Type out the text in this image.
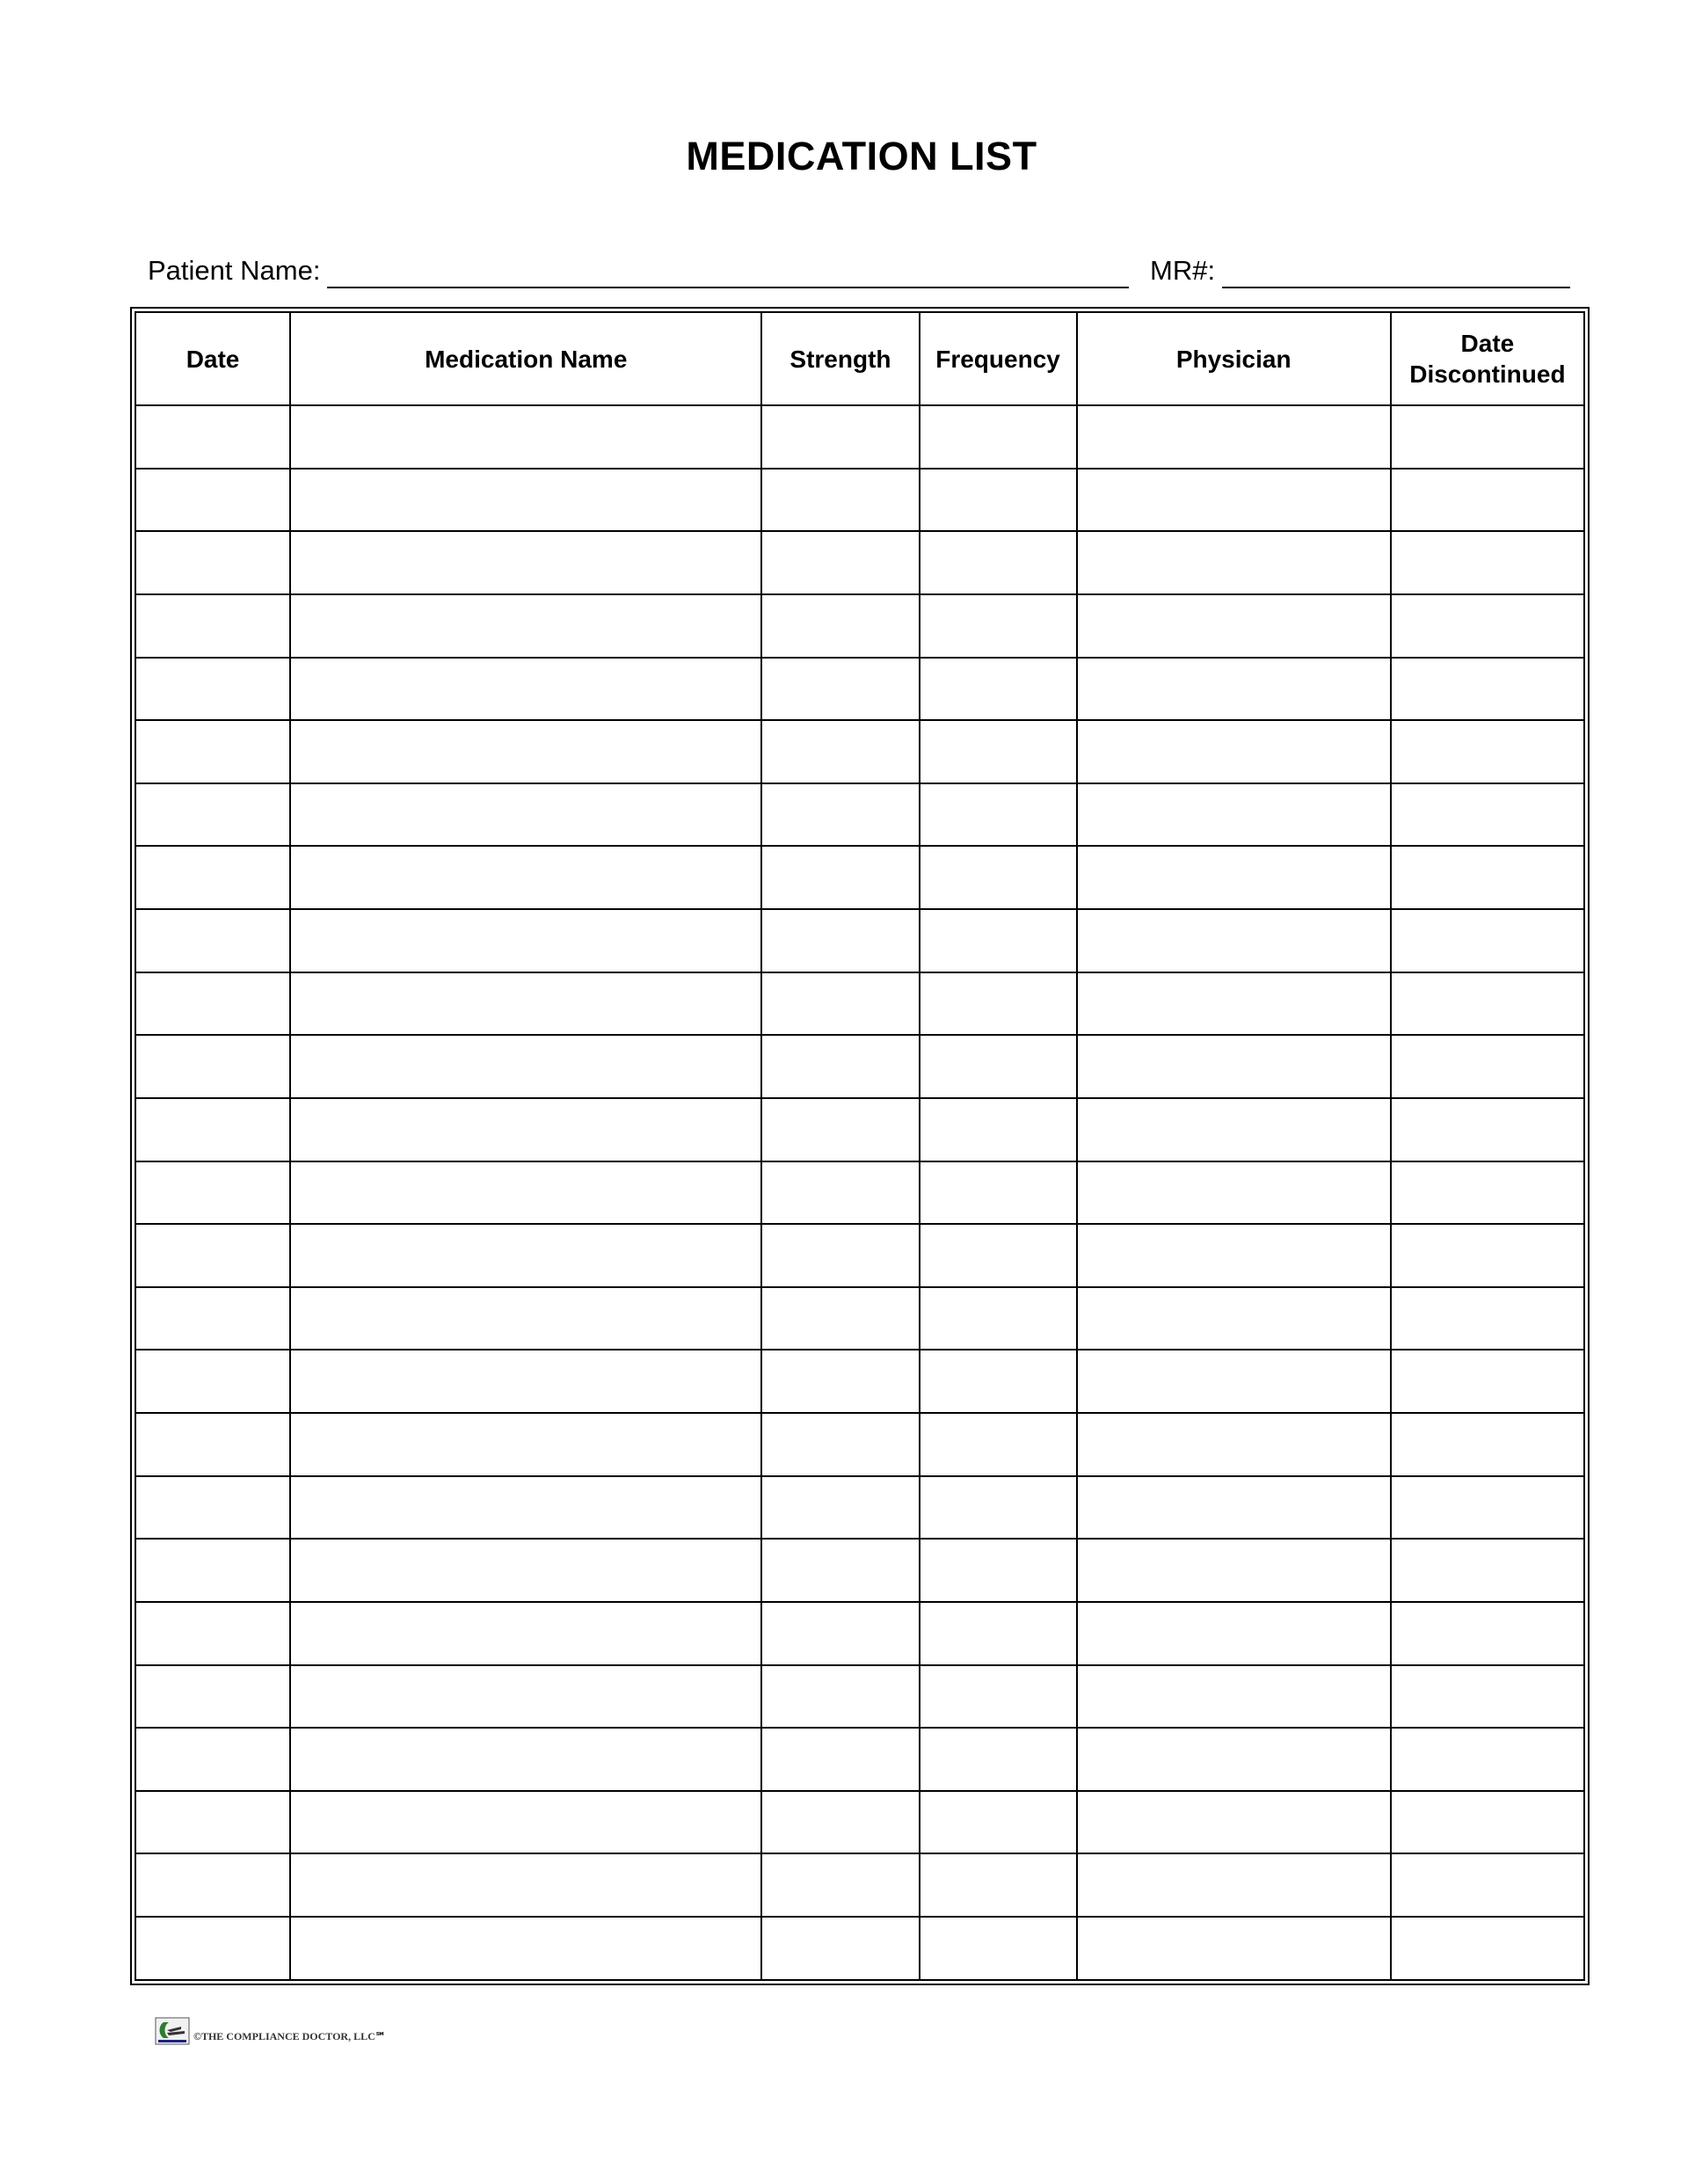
MEDICATION LIST
Patient Name:	MR#:
Date	Medication Name	Strength	Frequency	Physician	Date Discontinued

©THE COMPLIANCE DOCTOR, LLC℠
